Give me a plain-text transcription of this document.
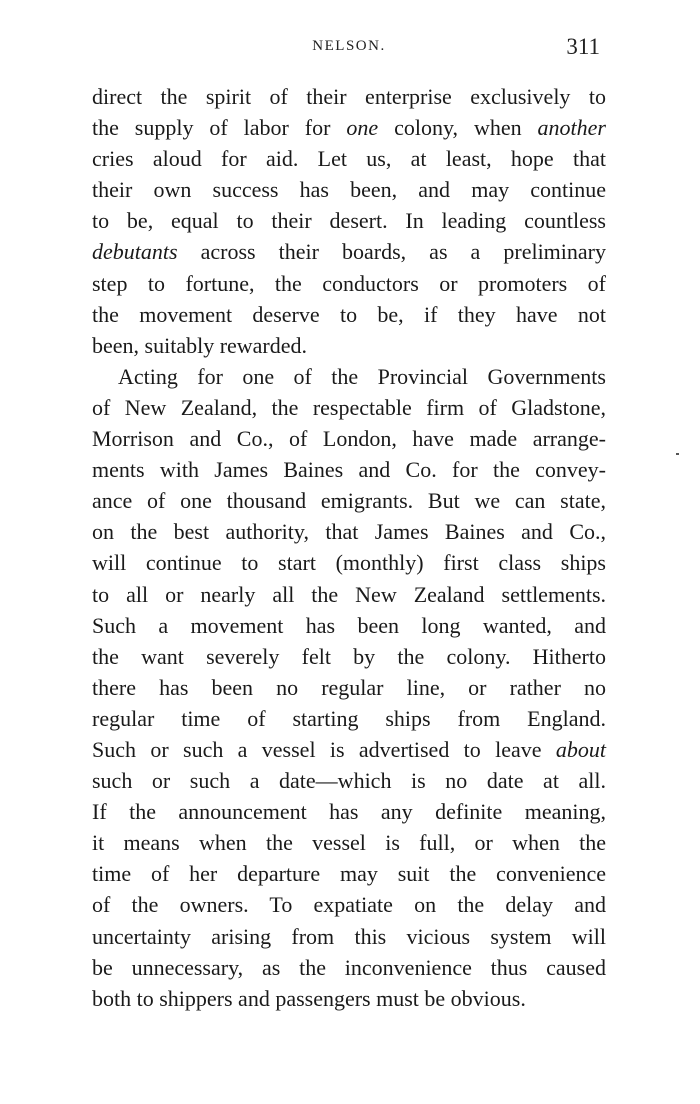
NELSON.	311
direct the spirit of their enterprise exclusively to
the supply of labor for one colony, when another
cries aloud for aid. Let us, at least, hope that
their own success has been, and may continue
to be, equal to their desert. In leading countless
debutants across their boards, as a preliminary
step to fortune, the conductors or promoters of
the movement deserve to be, if they have not
been, suitably rewarded.
Acting for one of the Provincial Governments
of New Zealand, the respectable firm of Gladstone,
Morrison and Co., of London, have made arrange-
ments with James Baines and Co. for the convey-
ance of one thousand emigrants. But we can state,
on the best authority, that James Baines and Co.,
will continue to start (monthly) first class ships
to all or nearly all the New Zealand settlements.
Such a movement has been long wanted, and
the want severely felt by the colony. Hitherto
there has been no regular line, or rather no
regular time of starting ships from England.
Such or such a vessel is advertised to leave about
such or such a date—which is no date at all.
If the announcement has any definite meaning,
it means when the vessel is full, or when the
time of her departure may suit the convenience
of the owners. To expatiate on the delay and
uncertainty arising from this vicious system will
be unnecessary, as the inconvenience thus caused
both to shippers and passengers must be obvious.
